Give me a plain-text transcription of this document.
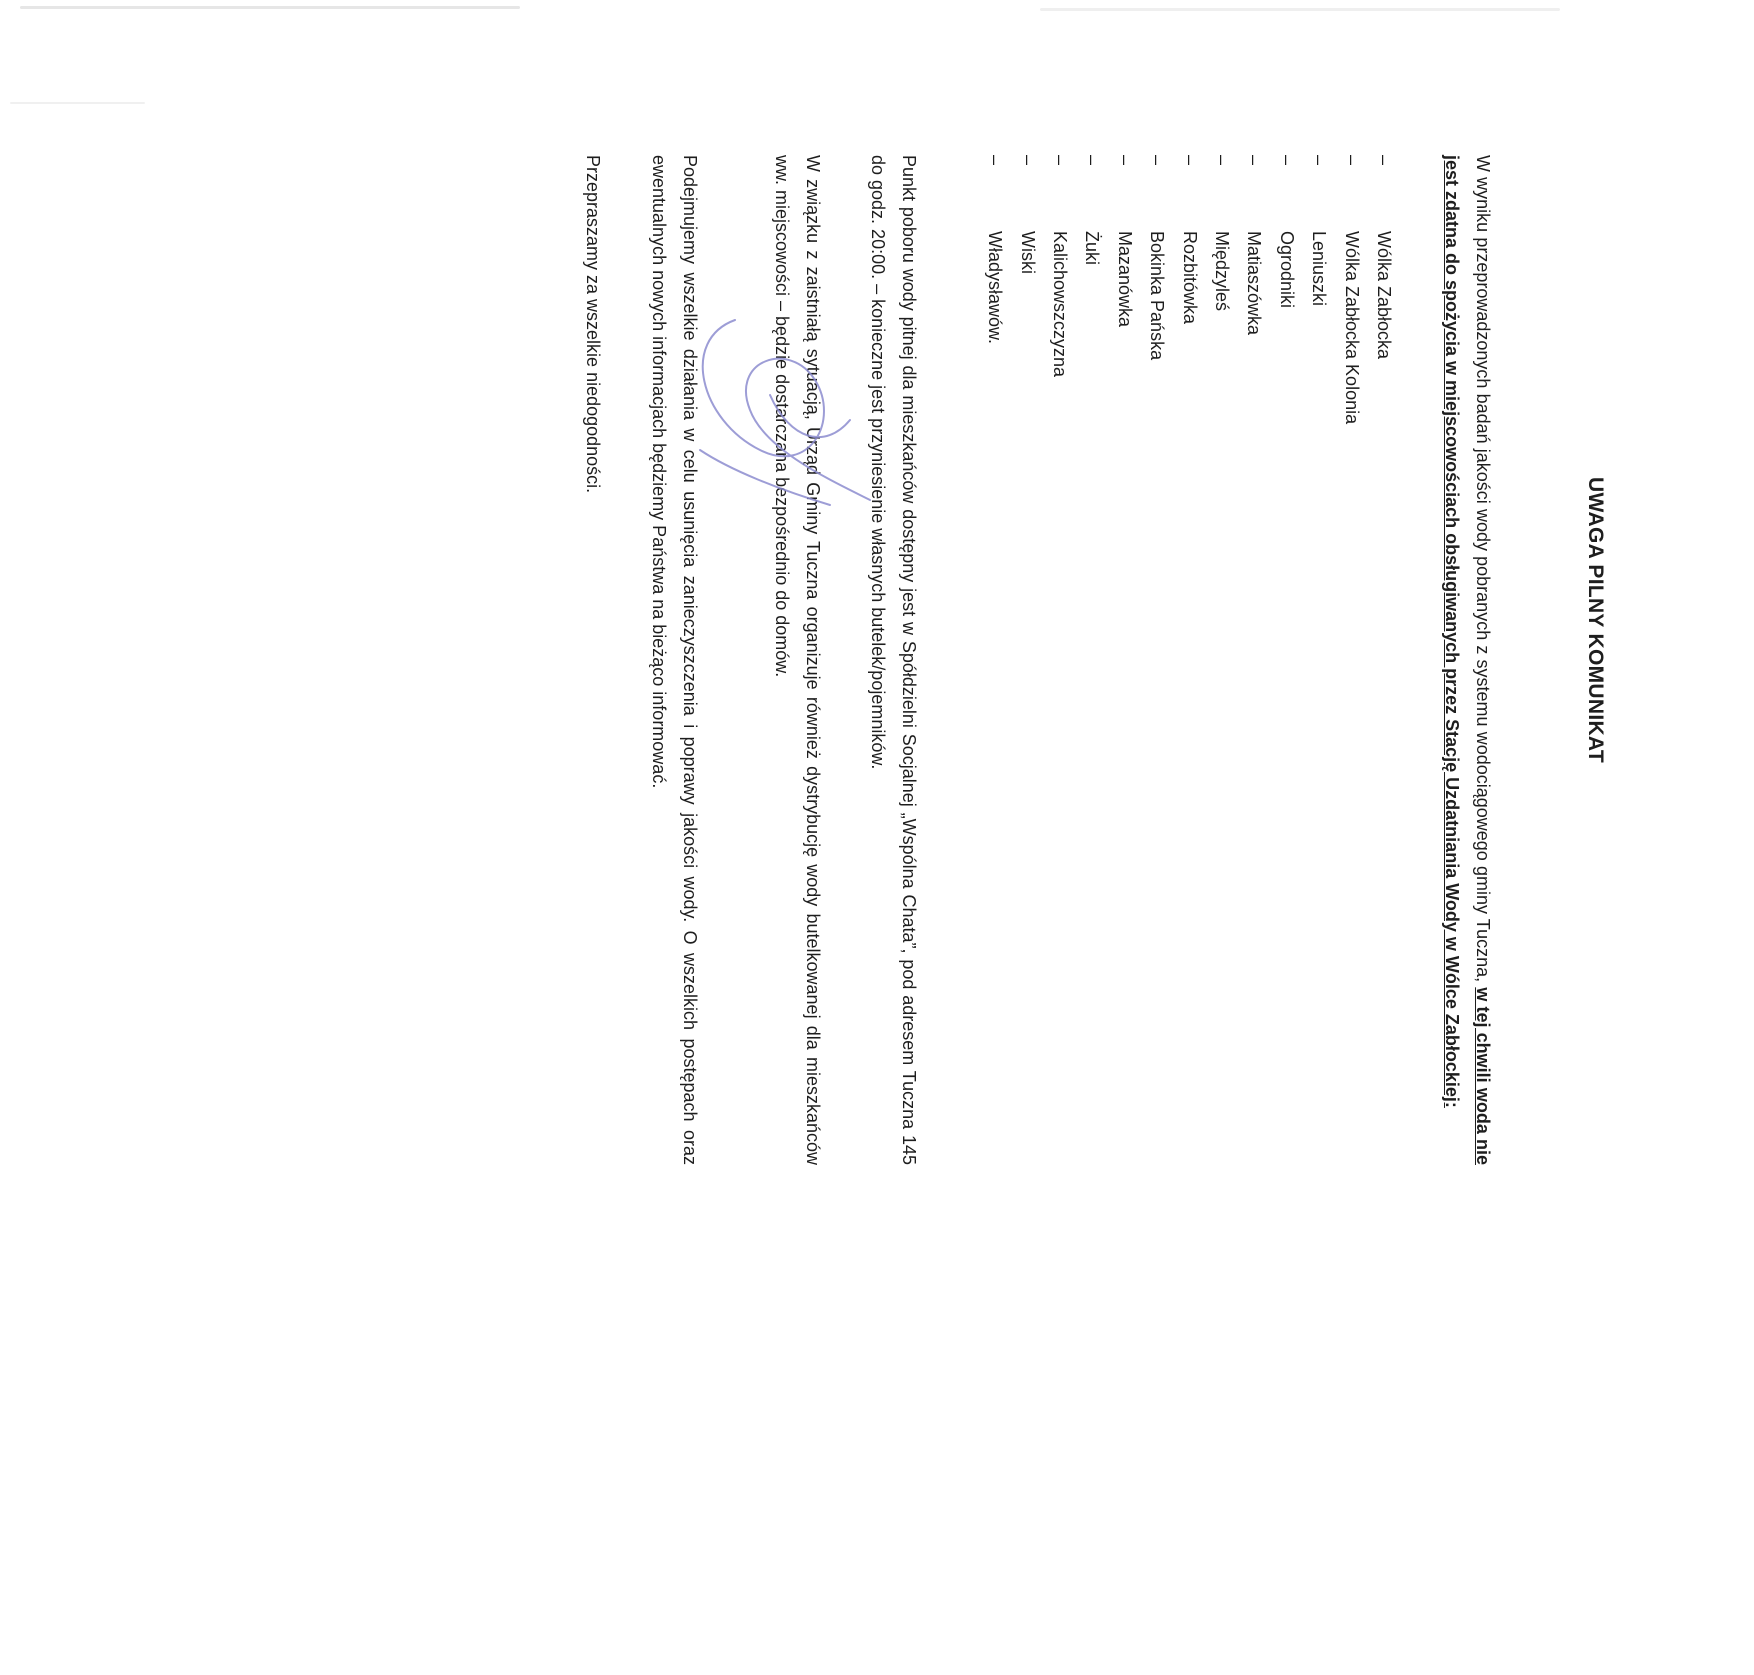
UWAGA PILNY KOMUNIKAT

W wyniku przeprowadzonych badań jakości wody pobranych z systemu wodociągowego gminy Tuczna, w tej chwili woda nie jest zdatna do spożycia w miejscowościach obsługiwanych przez Stację Uzdatniania Wody w Wólce Zabłockiej:

–
Wólka Zabłocka
–
Wólka Zabłocka Kolonia
–
Leniuszki
–
Ogrodniki
–
Matiaszówka
–
Międzyleś
–
Rozbitówka
–
Bokinka Pańska
–
Mazanówka
–
Żuki
–
Kalichowszczyzna
–
Wiski
–
Władysławów.

Punkt poboru wody pitnej dla mieszkańców dostępny jest w Spółdzielni Socjalnej „Wspólna Chata”, pod adresem Tuczna 145 do godz. 20:00. – konieczne jest przyniesienie własnych butelek/pojemników.

W związku z zaistniałą sytuacją, Urząd Gminy Tuczna organizuje również dystrybucję wody butelkowanej dla mieszkańców ww. miejscowości – będzie dostarczana bezpośrednio do domów.

Podejmujemy wszelkie działania w celu usunięcia zanieczyszczenia i poprawy jakości wody. O wszelkich postępach oraz ewentualnych nowych informacjach będziemy Państwa na bieżąco informować.

Przepraszamy za wszelkie niedogodności.
